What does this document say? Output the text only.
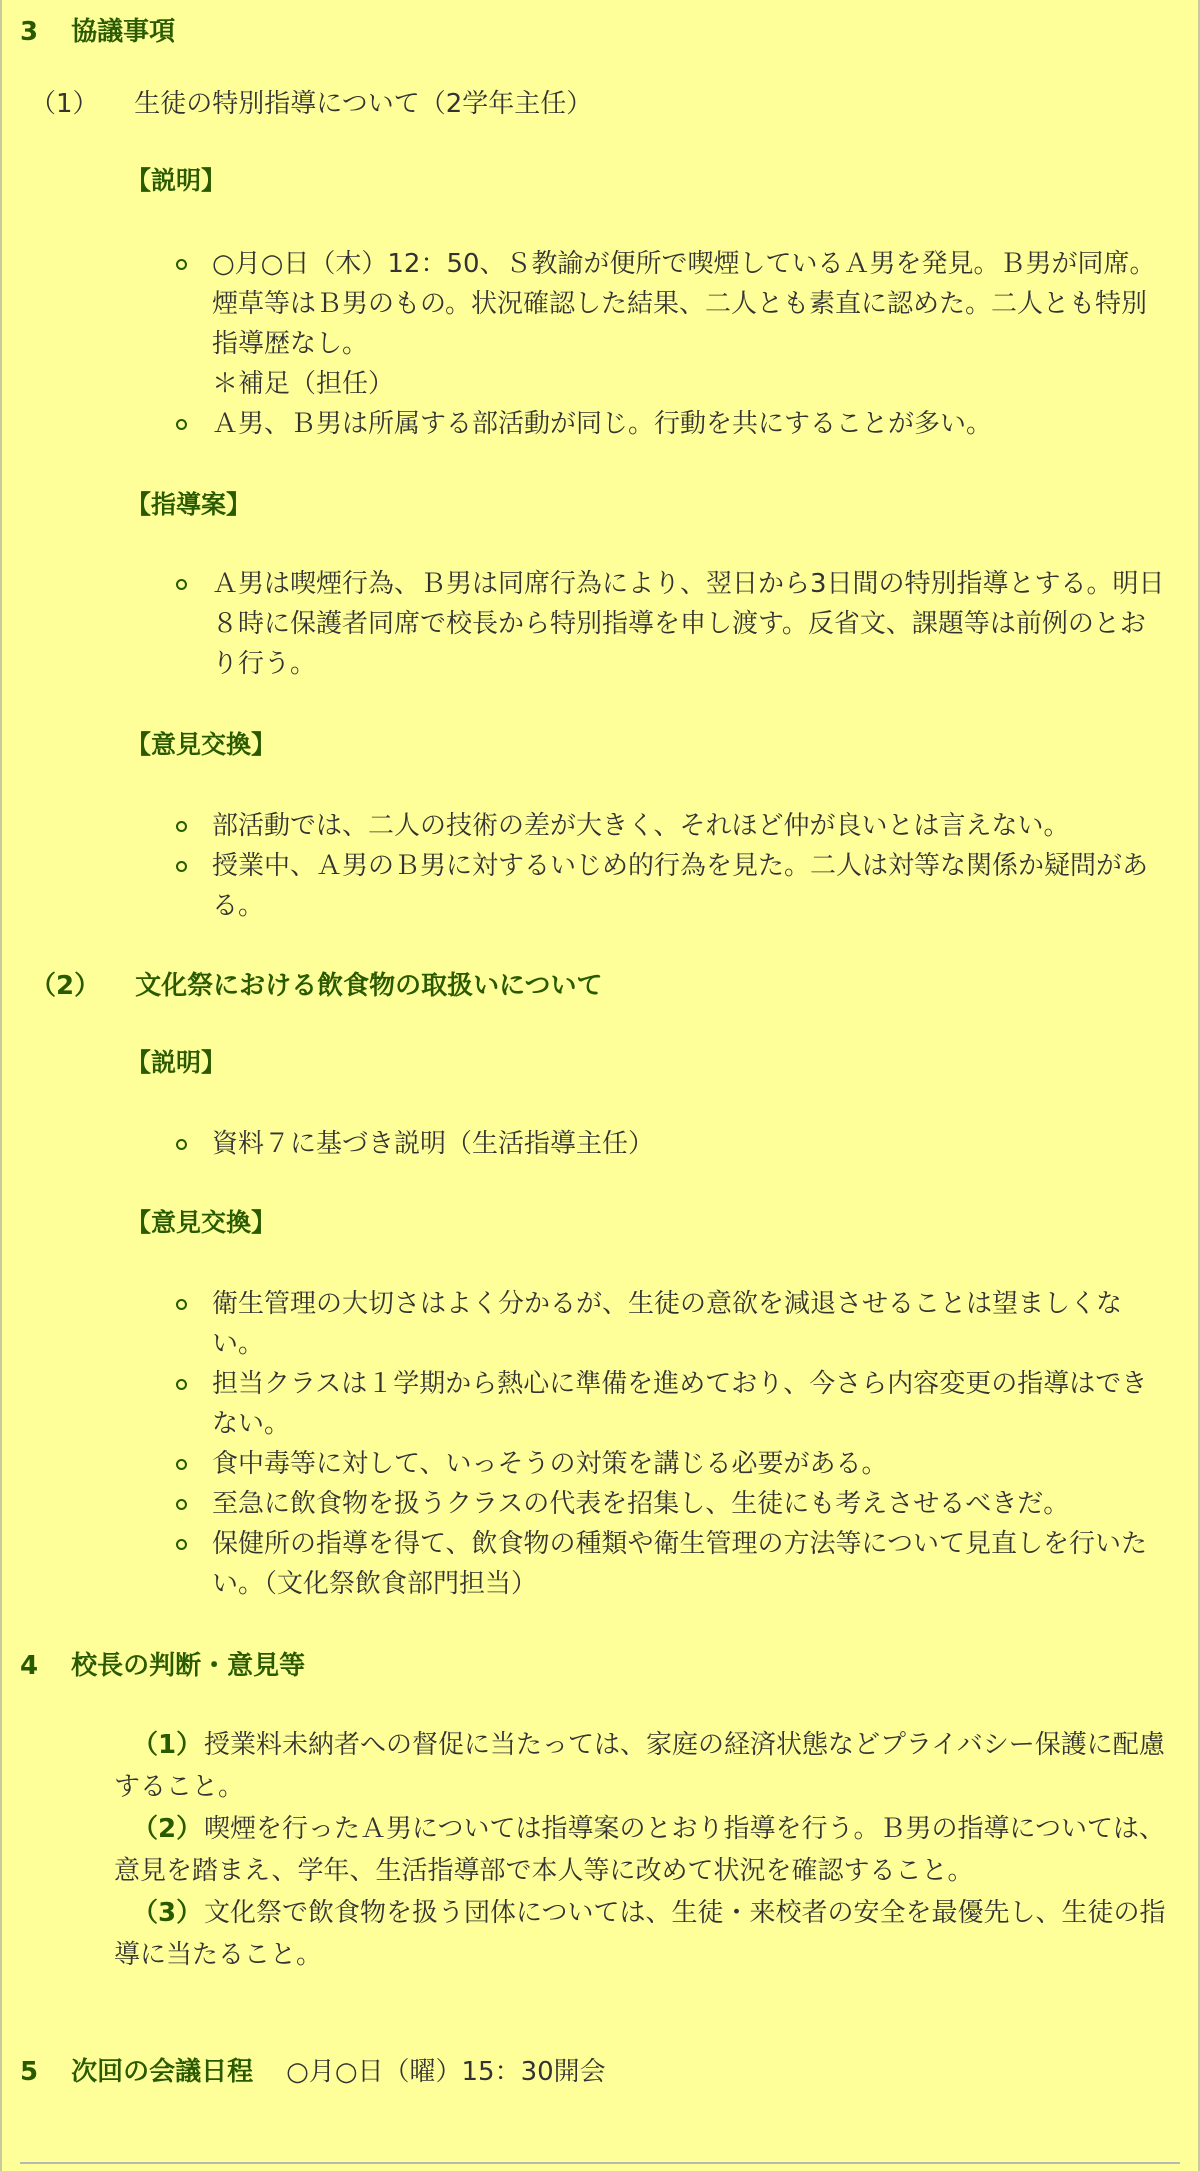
3 協議事項
（1） 生徒の特別指導について（2学年主任）
【説明】
○月○日（木）12：50、Ｓ教諭が便所で喫煙しているＡ男を発見。Ｂ男が同席。煙草等はＢ男のもの。状況確認した結果、二人とも素直に認めた。二人とも特別指導歴なし。
＊補足（担任）
Ａ男、Ｂ男は所属する部活動が同じ。行動を共にすることが多い。
【指導案】
Ａ男は喫煙行為、Ｂ男は同席行為により、翌日から3日間の特別指導とする。明日８時に保護者同席で校長から特別指導を申し渡す。反省文、課題等は前例のとおり行う。
【意見交換】
部活動では、二人の技術の差が大きく、それほど仲が良いとは言えない。
授業中、Ａ男のＢ男に対するいじめ的行為を見た。二人は対等な関係か疑問がある。
（2） 文化祭における飲食物の取扱いについて
【説明】
資料７に基づき説明（生活指導主任）
【意見交換】
衛生管理の大切さはよく分かるが、生徒の意欲を減退させることは望ましくない。
担当クラスは１学期から熱心に準備を進めており、今さら内容変更の指導はできない。
食中毒等に対して、いっそうの対策を講じる必要がある。
至急に飲食物を扱うクラスの代表を招集し、生徒にも考えさせるべきだ。
保健所の指導を得て、飲食物の種類や衛生管理の方法等について見直しを行いたい。（文化祭飲食部門担当）
4 校長の判断・意見等

（1）授業料未納者への督促に当たっては、家庭の経済状態などプライバシー保護に配慮すること。

（2）喫煙を行ったＡ男については指導案のとおり指導を行う。Ｂ男の指導については、意見を踏まえ、学年、生活指導部で本人等に改めて状況を確認すること。

（3）文化祭で飲食物を扱う団体については、生徒・来校者の安全を最優先し、生徒の指導に当たること。

5 次回の会議日程 ○月○日（曜）15：30開会
